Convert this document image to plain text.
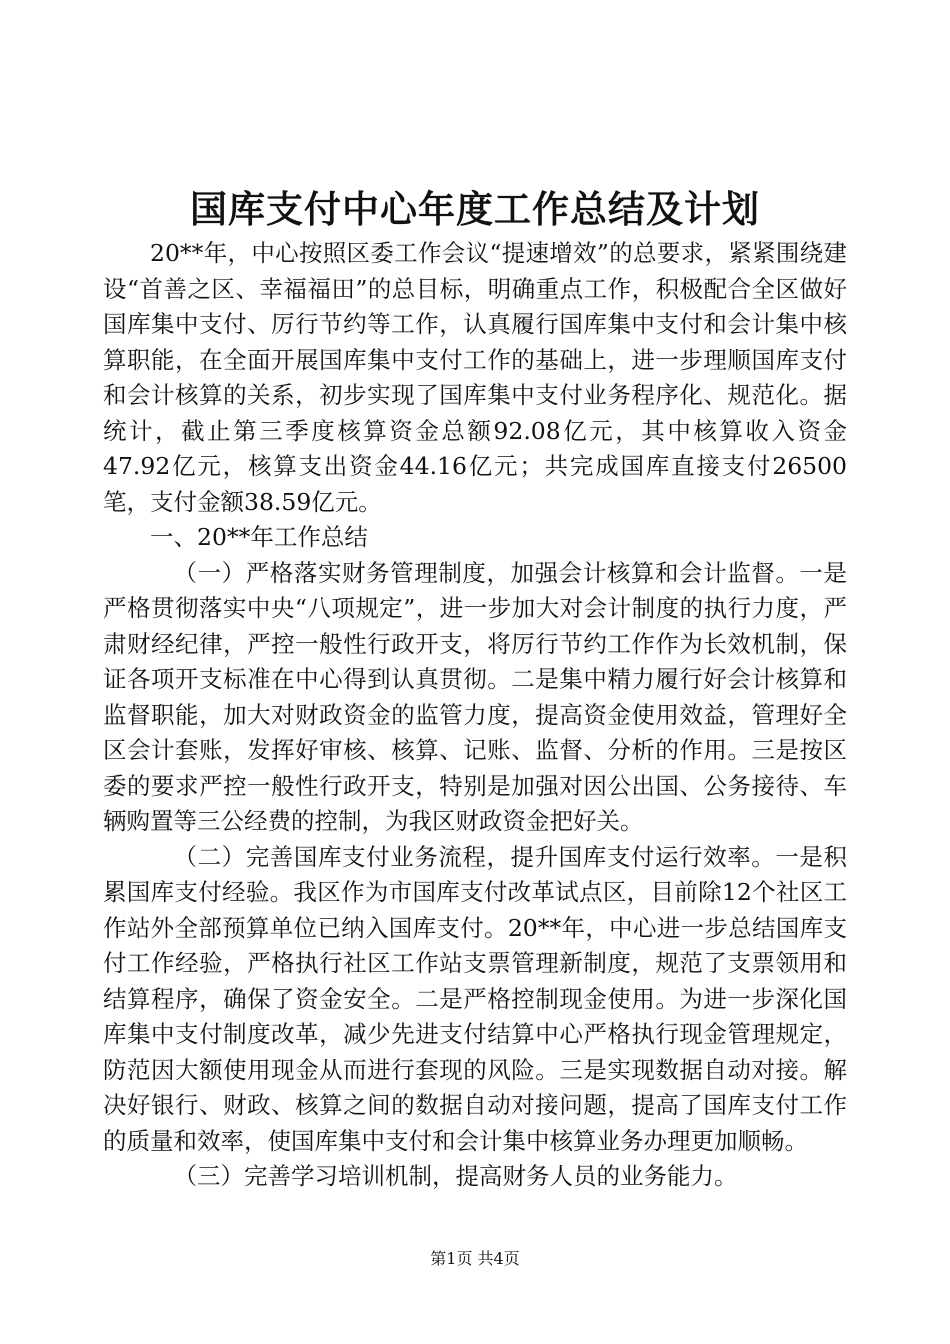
国库支付中心年度工作总结及计划

20**年，中心按照区委工作会议“提速增效”的总要求，紧紧围绕建设“首善之区、幸福福田”的总目标，明确重点工作，积极配合全区做好国库集中支付、厉行节约等工作，认真履行国库集中支付和会计集中核算职能，在全面开展国库集中支付工作的基础上，进一步理顺国库支付和会计核算的关系，初步实现了国库集中支付业务程序化、规范化。据统计，截止第三季度核算资金总额92.08亿元，其中核算收入资金47.92亿元，核算支出资金44.16亿元；共完成国库直接支付26500笔，支付金额38.59亿元。

一、20**年工作总结

（一）严格落实财务管理制度，加强会计核算和会计监督。一是严格贯彻落实中央“八项规定”，进一步加大对会计制度的执行力度，严肃财经纪律，严控一般性行政开支，将厉行节约工作作为长效机制，保证各项开支标准在中心得到认真贯彻。二是集中精力履行好会计核算和监督职能，加大对财政资金的监管力度，提高资金使用效益，管理好全区会计套账，发挥好审核、核算、记账、监督、分析的作用。三是按区委的要求严控一般性行政开支，特别是加强对因公出国、公务接待、车辆购置等三公经费的控制，为我区财政资金把好关。

（二）完善国库支付业务流程，提升国库支付运行效率。一是积累国库支付经验。我区作为市国库支付改革试点区，目前除12个社区工作站外全部预算单位已纳入国库支付。20**年，中心进一步总结国库支付工作经验，严格执行社区工作站支票管理新制度，规范了支票领用和结算程序，确保了资金安全。二是严格控制现金使用。为进一步深化国库集中支付制度改革，减少先进支付结算中心严格执行现金管理规定，防范因大额使用现金从而进行套现的风险。三是实现数据自动对接。解决好银行、财政、核算之间的数据自动对接问题，提高了国库支付工作的质量和效率，使国库集中支付和会计集中核算业务办理更加顺畅。

（三）完善学习培训机制，提高财务人员的业务能力。

第1页 共4页
